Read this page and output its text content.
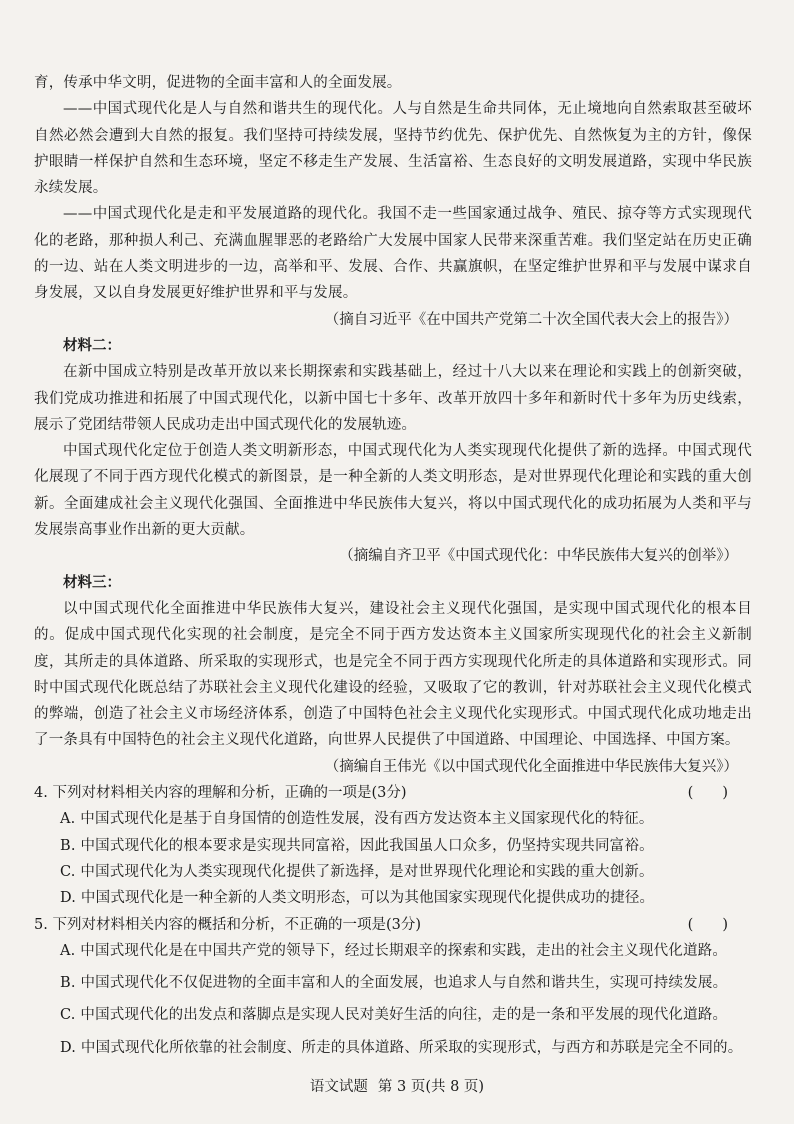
育，传承中华文明，促进物的全面丰富和人的全面发展。

——中国式现代化是人与自然和谐共生的现代化。人与自然是生命共同体，无止境地向自然索取甚至破坏自然必然会遭到大自然的报复。我们坚持可持续发展，坚持节约优先、保护优先、自然恢复为主的方针，像保护眼睛一样保护自然和生态环境，坚定不移走生产发展、生活富裕、生态良好的文明发展道路，实现中华民族永续发展。

——中国式现代化是走和平发展道路的现代化。我国不走一些国家通过战争、殖民、掠夺等方式实现现代化的老路，那种损人利己、充满血腥罪恶的老路给广大发展中国家人民带来深重苦难。我们坚定站在历史正确的一边、站在人类文明进步的一边，高举和平、发展、合作、共赢旗帜，在坚定维护世界和平与发展中谋求自身发展，又以自身发展更好维护世界和平与发展。

（摘自习近平《在中国共产党第二十次全国代表大会上的报告》）

材料二：

在新中国成立特别是改革开放以来长期探索和实践基础上，经过十八大以来在理论和实践上的创新突破，我们党成功推进和拓展了中国式现代化，以新中国七十多年、改革开放四十多年和新时代十多年为历史线索，展示了党团结带领人民成功走出中国式现代化的发展轨迹。

中国式现代化定位于创造人类文明新形态，中国式现代化为人类实现现代化提供了新的选择。中国式现代化展现了不同于西方现代化模式的新图景，是一种全新的人类文明形态，是对世界现代化理论和实践的重大创新。全面建成社会主义现代化强国、全面推进中华民族伟大复兴，将以中国式现代化的成功拓展为人类和平与发展崇高事业作出新的更大贡献。

（摘编自齐卫平《中国式现代化：中华民族伟大复兴的创举》）

材料三：

以中国式现代化全面推进中华民族伟大复兴，建设社会主义现代化强国，是实现中国式现代化的根本目的。促成中国式现代化实现的社会制度，是完全不同于西方发达资本主义国家所实现现代化的社会主义新制度，其所走的具体道路、所采取的实现形式，也是完全不同于西方实现现代化所走的具体道路和实现形式。同时中国式现代化既总结了苏联社会主义现代化建设的经验，又吸取了它的教训，针对苏联社会主义现代化模式的弊端，创造了社会主义市场经济体系，创造了中国特色社会主义现代化实现形式。中国式现代化成功地走出了一条具有中国特色的社会主义现代化道路，向世界人民提供了中国道路、中国理论、中国选择、中国方案。

（摘编自王伟光《以中国式现代化全面推进中华民族伟大复兴》）

4. 下列对材料相关内容的理解和分析，正确的一项是(3分)	(　　)

A. 中国式现代化是基于自身国情的创造性发展，没有西方发达资本主义国家现代化的特征。

B. 中国式现代化的根本要求是实现共同富裕，因此我国虽人口众多，仍坚持实现共同富裕。

C. 中国式现代化为人类实现现代化提供了新选择，是对世界现代化理论和实践的重大创新。

D. 中国式现代化是一种全新的人类文明形态，可以为其他国家实现现代化提供成功的捷径。

5. 下列对材料相关内容的概括和分析，不正确的一项是(3分)	(　　)

A. 中国式现代化是在中国共产党的领导下，经过长期艰辛的探索和实践，走出的社会主义现代化道路。

B. 中国式现代化不仅促进物的全面丰富和人的全面发展，也追求人与自然和谐共生，实现可持续发展。

C. 中国式现代化的出发点和落脚点是实现人民对美好生活的向往，走的是一条和平发展的现代化道路。

D. 中国式现代化所依靠的社会制度、所走的具体道路、所采取的实现形式，与西方和苏联是完全不同的。

语文试题 第 3 页(共 8 页)
